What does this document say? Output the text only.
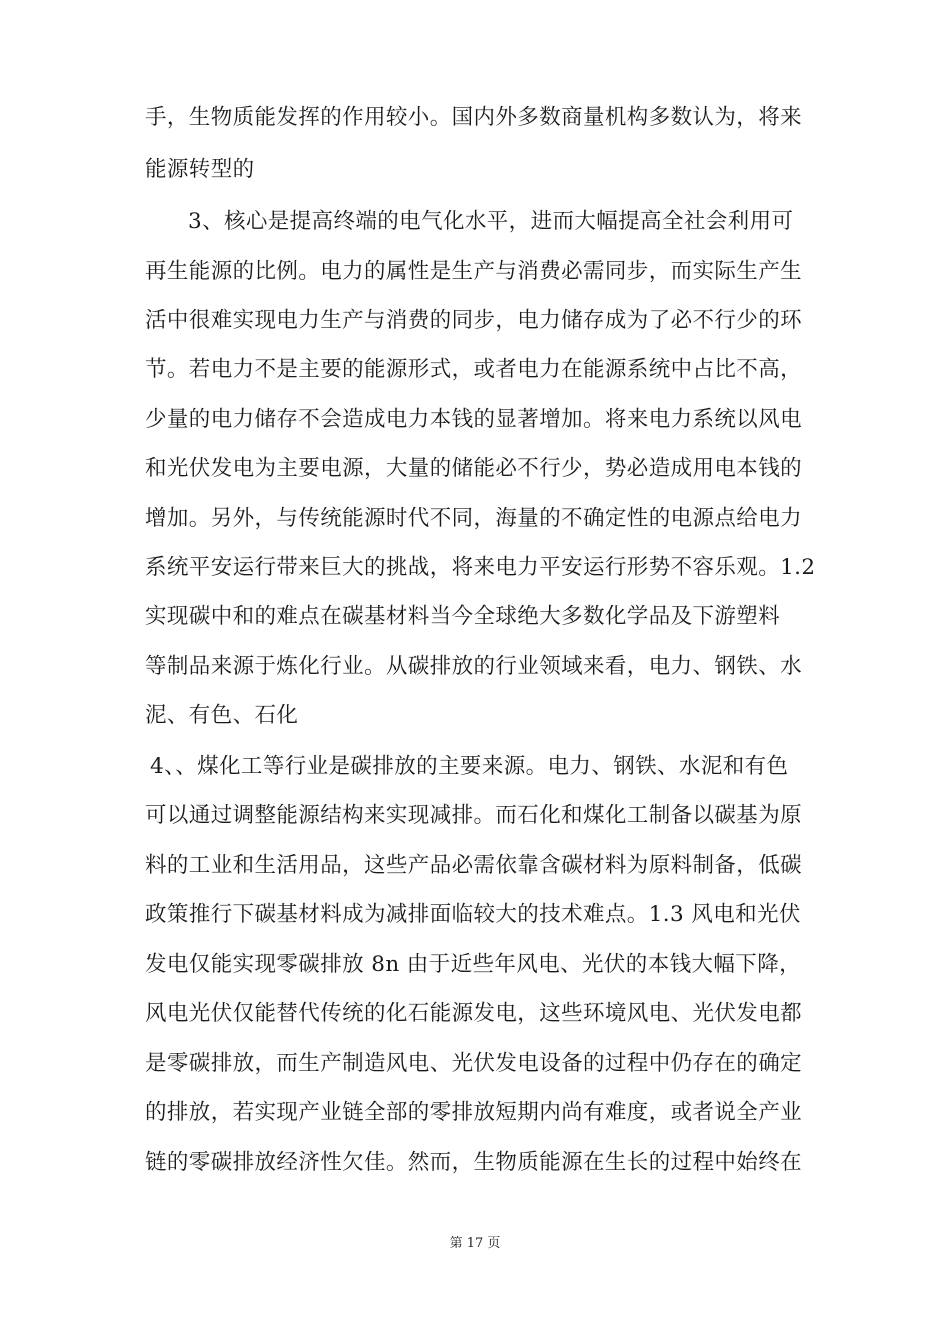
手，生物质能发挥的作用较小。国内外多数商量机构多数认为，将来
能源转型的
3、核心是提高终端的电气化水平，进而大幅提高全社会利用可
再生能源的比例。电力的属性是生产与消费必需同步，而实际生产生
活中很难实现电力生产与消费的同步，电力储存成为了必不行少的环
节。若电力不是主要的能源形式，或者电力在能源系统中占比不高，
少量的电力储存不会造成电力本钱的显著增加。将来电力系统以风电
和光伏发电为主要电源，大量的储能必不行少，势必造成用电本钱的
增加。另外，与传统能源时代不同，海量的不确定性的电源点给电力
系统平安运行带来巨大的挑战，将来电力平安运行形势不容乐观。1.2
实现碳中和的难点在碳基材料当今全球绝大多数化学品及下游塑料
等制品来源于炼化行业。从碳排放的行业领域来看，电力、钢铁、水
泥、有色、石化
4、、煤化工等行业是碳排放的主要来源。电力、钢铁、水泥和有色
可以通过调整能源结构来实现减排。而石化和煤化工制备以碳基为原
料的工业和生活用品，这些产品必需依靠含碳材料为原料制备，低碳
政策推行下碳基材料成为减排面临较大的技术难点。1.3 风电和光伏
发电仅能实现零碳排放 8n 由于近些年风电、光伏的本钱大幅下降，
风电光伏仅能替代传统的化石能源发电，这些环境风电、光伏发电都
是零碳排放，而生产制造风电、光伏发电设备的过程中仍存在的确定
的排放，若实现产业链全部的零排放短期内尚有难度，或者说全产业
链的零碳排放经济性欠佳。然而，生物质能源在生长的过程中始终在
第 17 页
